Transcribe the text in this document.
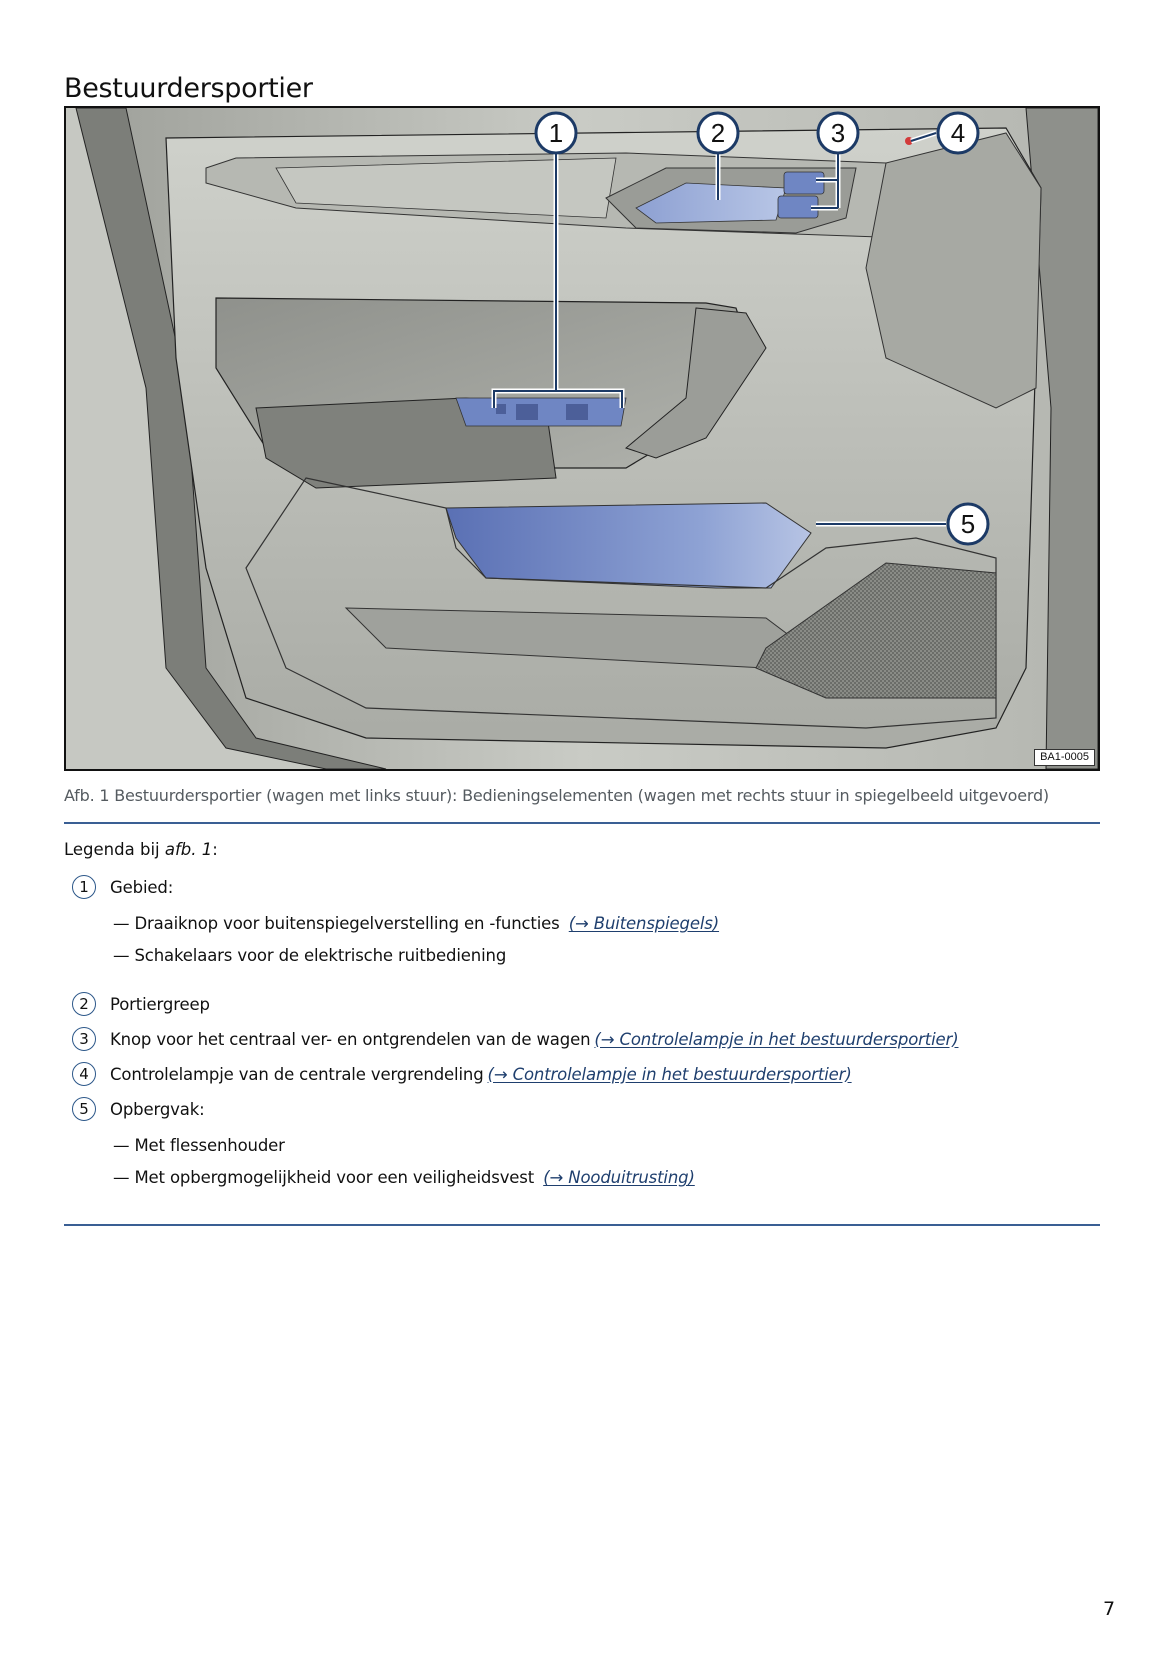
Bestuurdersportier
1	2	3	4
5
BA1-0005
Afb. 1 Bestuurdersportier (wagen met links stuur): Bedieningselementen (wagen met rechts stuur in spiegelbeeld uitgevoerd)
Legenda bij afb. 1:
1	Gebied:
— Draaiknop voor buitenspiegelverstelling en -functies (→ Buitenspiegels)
— Schakelaars voor de elektrische ruitbediening
2	Portiergreep
3	Knop voor het centraal ver- en ontgrendelen van de wagen (→ Controlelampje in het bestuurdersportier)
4	Controlelampje van de centrale vergrendeling (→ Controlelampje in het bestuurdersportier)
5	Opbergvak:
— Met flessenhouder
— Met opbergmogelijkheid voor een veiligheidsvest (→ Nooduitrusting)
7
